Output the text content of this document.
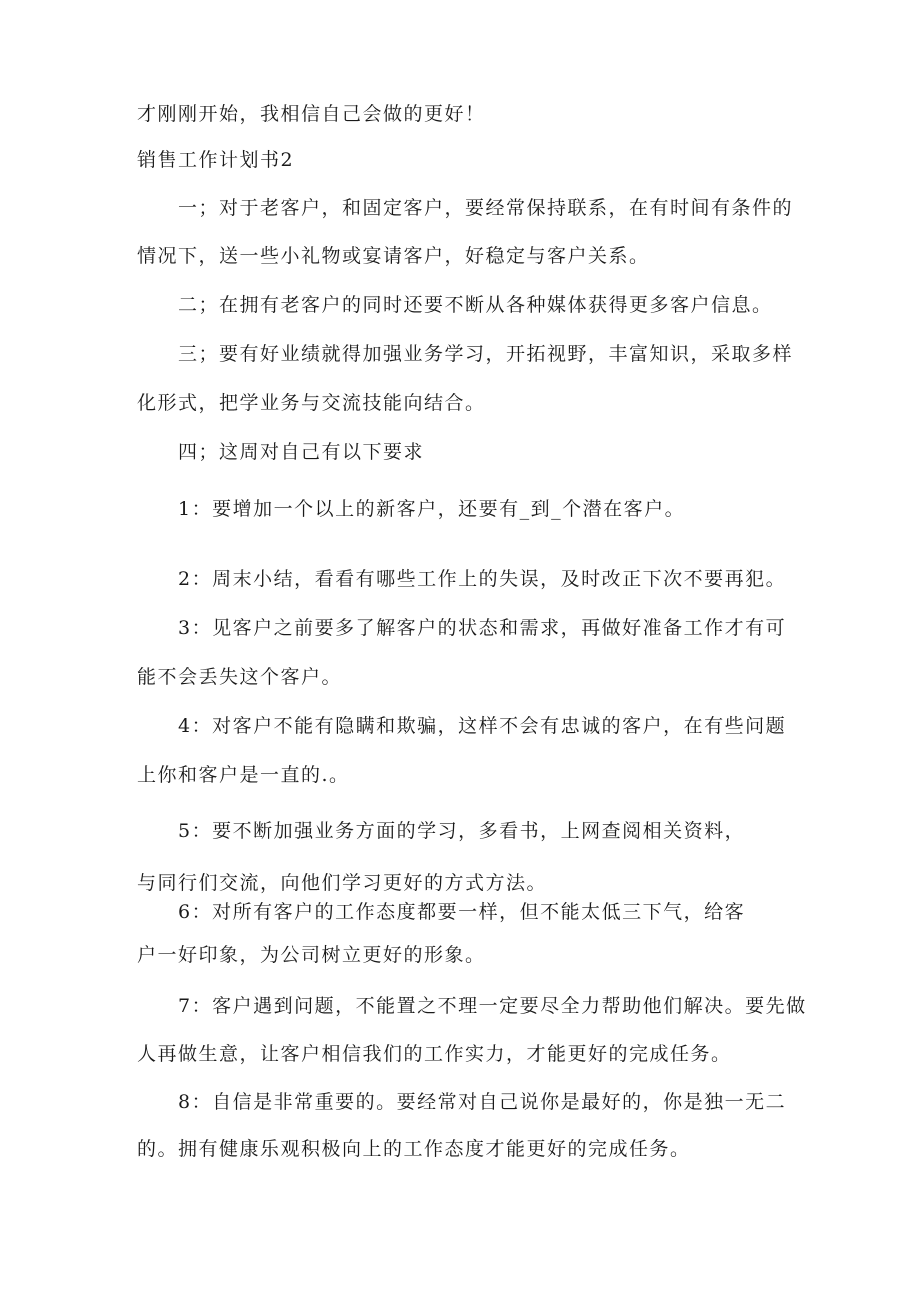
才刚刚开始，我相信自己会做的更好！
销售工作计划书2
一；对于老客户，和固定客户，要经常保持联系，在有时间有条件的
情况下，送一些小礼物或宴请客户，好稳定与客户关系。
二；在拥有老客户的同时还要不断从各种媒体获得更多客户信息。
三；要有好业绩就得加强业务学习，开拓视野，丰富知识，采取多样
化形式，把学业务与交流技能向结合。
四；这周对自己有以下要求
1：要增加一个以上的新客户，还要有_到_个潜在客户。
2：周末小结，看看有哪些工作上的失误，及时改正下次不要再犯。
3：见客户之前要多了解客户的状态和需求，再做好准备工作才有可
能不会丢失这个客户。
4：对客户不能有隐瞒和欺骗，这样不会有忠诚的客户，在有些问题
上你和客户是一直的.。
5：要不断加强业务方面的学习，多看书，上网查阅相关资料，
与同行们交流，向他们学习更好的方式方法。
6：对所有客户的工作态度都要一样，但不能太低三下气，给客
户一好印象，为公司树立更好的形象。
7：客户遇到问题，不能置之不理一定要尽全力帮助他们解决。要先做
人再做生意，让客户相信我们的工作实力，才能更好的完成任务。
8：自信是非常重要的。要经常对自己说你是最好的，你是独一无二
的。拥有健康乐观积极向上的工作态度才能更好的完成任务。
